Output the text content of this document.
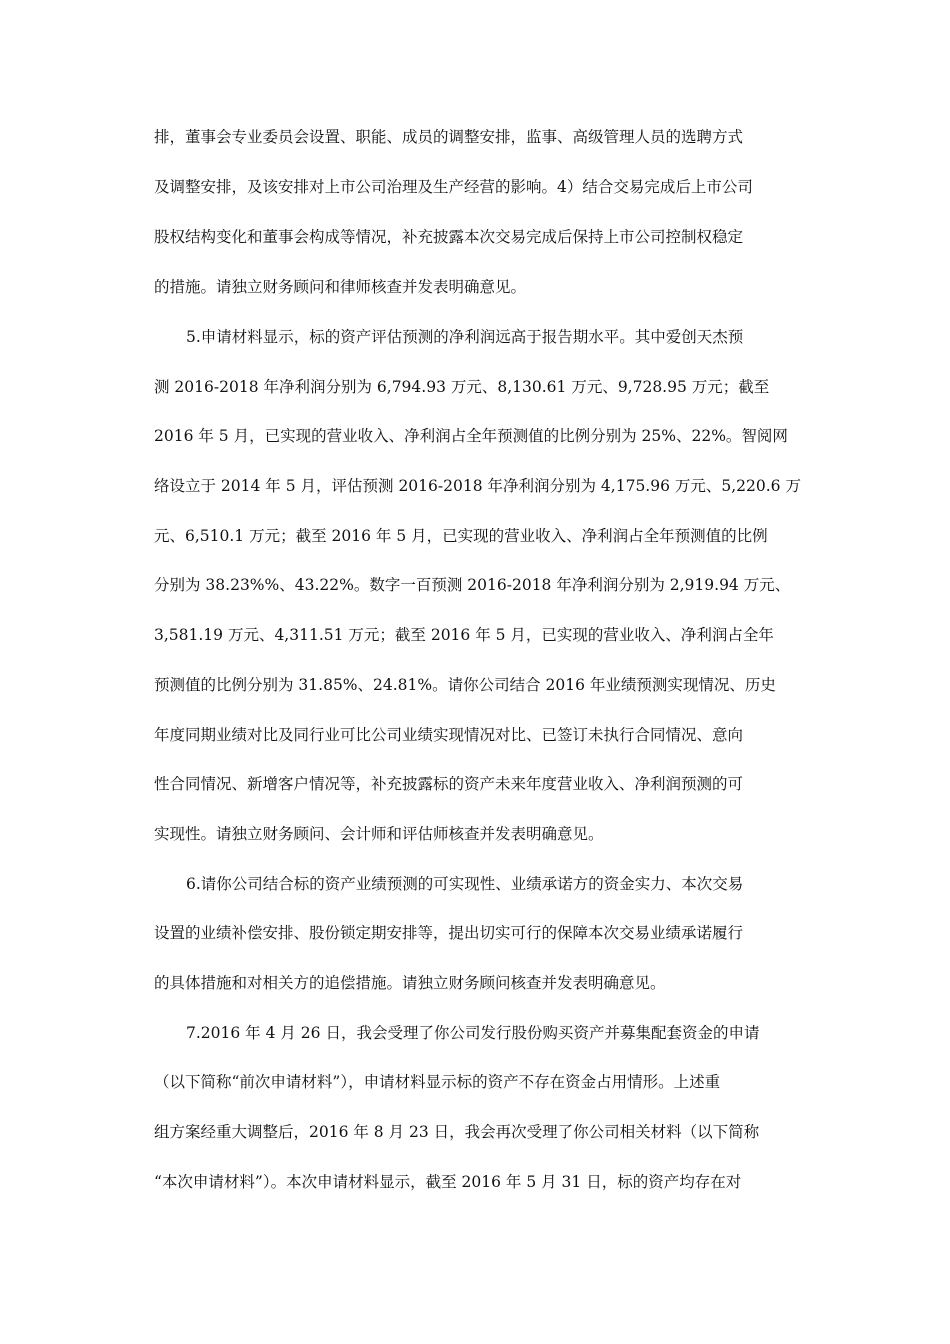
排，董事会专业委员会设置、职能、成员的调整安排，监事、高级管理人员的选聘方式
及调整安排，及该安排对上市公司治理及生产经营的影响。4）结合交易完成后上市公司
股权结构变化和董事会构成等情况，补充披露本次交易完成后保持上市公司控制权稳定
的措施。请独立财务顾问和律师核查并发表明确意见。
5.申请材料显示，标的资产评估预测的净利润远高于报告期水平。其中爱创天杰预
测 2016-2018 年净利润分别为 6,794.93 万元、8,130.61 万元、9,728.95 万元；截至
2016 年 5 月，已实现的营业收入、净利润占全年预测值的比例分别为 25%、22%。智阅网
络设立于 2014 年 5 月，评估预测 2016-2018 年净利润分别为 4,175.96 万元、5,220.6 万
元、6,510.1 万元；截至 2016 年 5 月，已实现的营业收入、净利润占全年预测值的比例
分别为 38.23%%、43.22%。数字一百预测 2016-2018 年净利润分别为 2,919.94 万元、
3,581.19 万元、4,311.51 万元；截至 2016 年 5 月，已实现的营业收入、净利润占全年
预测值的比例分别为 31.85%、24.81%。请你公司结合 2016 年业绩预测实现情况、历史
年度同期业绩对比及同行业可比公司业绩实现情况对比、已签订未执行合同情况、意向
性合同情况、新增客户情况等，补充披露标的资产未来年度营业收入、净利润预测的可
实现性。请独立财务顾问、会计师和评估师核查并发表明确意见。
6.请你公司结合标的资产业绩预测的可实现性、业绩承诺方的资金实力、本次交易
设置的业绩补偿安排、股份锁定期安排等，提出切实可行的保障本次交易业绩承诺履行
的具体措施和对相关方的追偿措施。请独立财务顾问核查并发表明确意见。
7.2016 年 4 月 26 日，我会受理了你公司发行股份购买资产并募集配套资金的申请
（以下简称“前次申请材料”），申请材料显示标的资产不存在资金占用情形。上述重
组方案经重大调整后，2016 年 8 月 23 日，我会再次受理了你公司相关材料（以下简称
“本次申请材料”）。本次申请材料显示，截至 2016 年 5 月 31 日，标的资产均存在对
